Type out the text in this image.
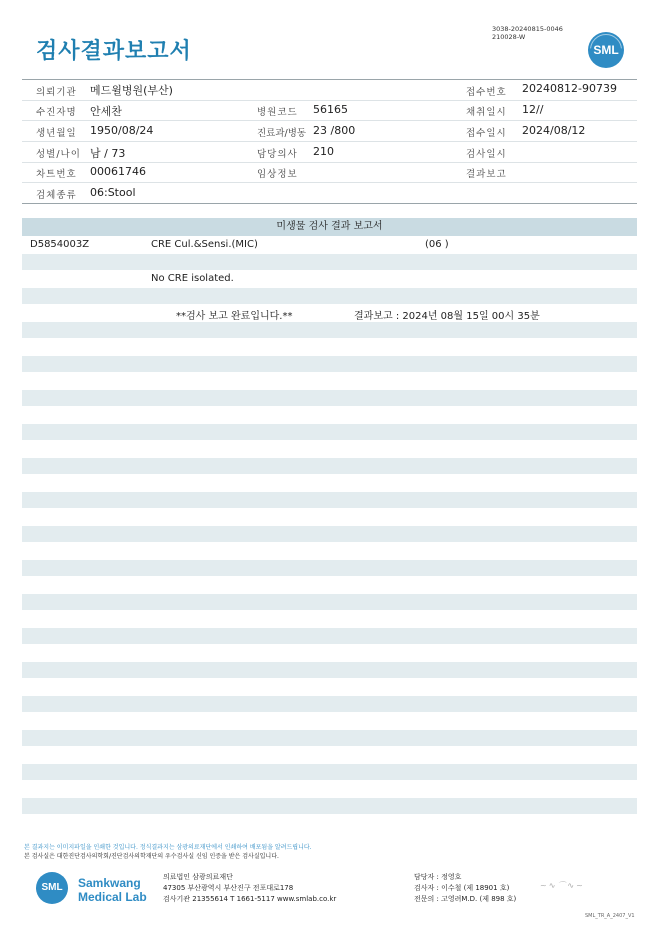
검사결과보고서
3038-20240815-0046
210028-W
SML
의뢰기관 메드윌병원(부산)	접수번호 20240812-90739
수진자명 안세찬	병원코드 56165	채취일시 12//
생년월일 1950/08/24	진료과/병동 23 /800	접수일시 2024/08/12
성별/나이 남 / 73	담당의사 210	검사일시
차트번호 00061746	임상정보	결과보고
검체종류 06:Stool
미생물 검사 결과 보고서
D5854003Z	CRE Cul.&Sensi.(MIC)	(06 )
No CRE isolated.
**검사 보고 완료입니다.**	결과보고 : 2024년 08월 15일 00시 35분
본 결과지는 이미지파일을 인쇄한 것입니다. 정식결과지는 삼광의료재단에서 인쇄하여 배포됨을 알려드립니다.
본 검사실은 대한진단검사의학회/진단검사의학재단의 우수검사실 신임 인증을 받은 검사실입니다.
SML	Samkwang
Medical Lab
의료법인 삼광의료재단
47305 부산광역시 부산진구 전포대로178
검사기관 21355614 T 1661-5117 www.smlab.co.kr
담당자 : 정영호
검사자 : 이수철 (제 18901 호)
전문의 : 고영려M.D. (제 898 호)
~∿⌒∿~
SML_TR_A_2407_V1
